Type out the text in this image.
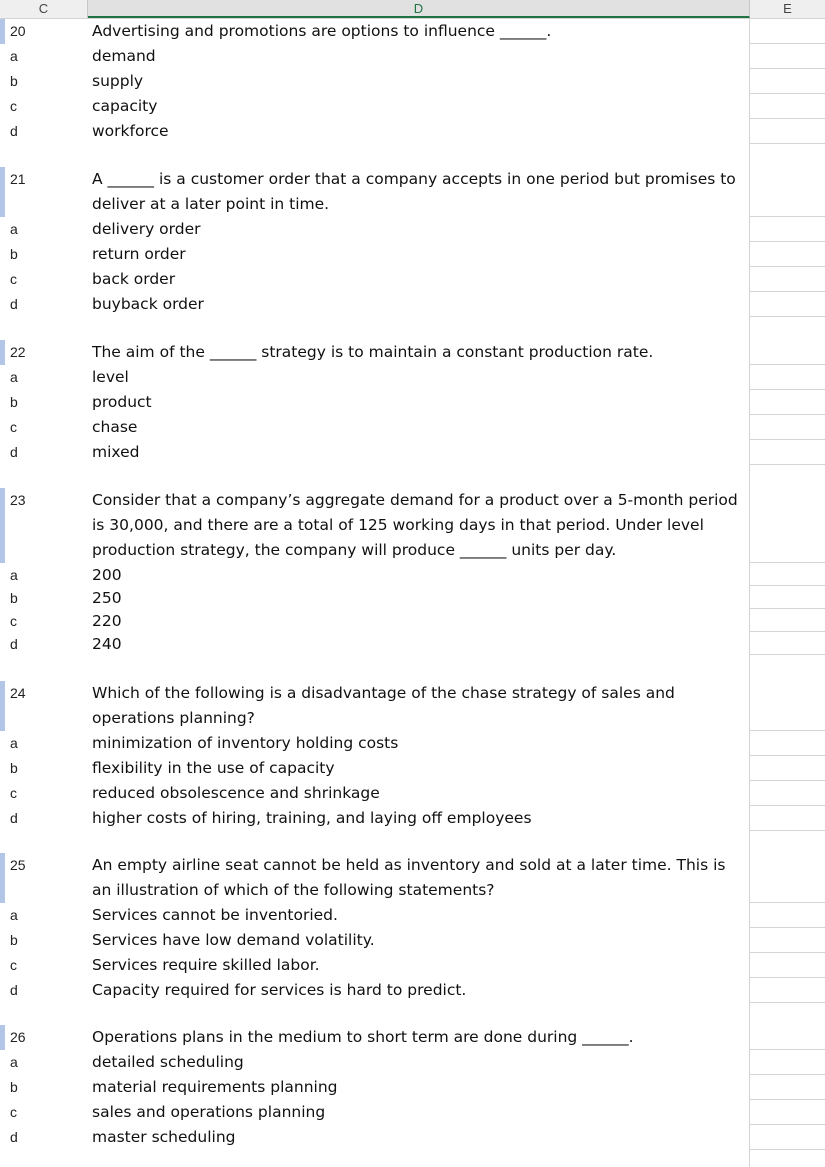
C	D	E
20	Advertising and promotions are options to influence ______.
a	demand
b	supply
c	capacity
d	workforce
21	A ______ is a customer order that a company accepts in one period but promises to deliver at a later point in time.
a	delivery order
b	return order
c	back order
d	buyback order
22	The aim of the ______ strategy is to maintain a constant production rate.
a	level
b	product
c	chase
d	mixed
23	Consider that a company’s aggregate demand for a product over a 5-month period is 30,000, and there are a total of 125 working days in that period. Under level production strategy, the company will produce ______ units per day.
a	200
b	250
c	220
d	240
24	Which of the following is a disadvantage of the chase strategy of sales and operations planning?
a	minimization of inventory holding costs
b	flexibility in the use of capacity
c	reduced obsolescence and shrinkage
d	higher costs of hiring, training, and laying off employees
25	An empty airline seat cannot be held as inventory and sold at a later time. This is an illustration of which of the following statements?
a	Services cannot be inventoried.
b	Services have low demand volatility.
c	Services require skilled labor.
d	Capacity required for services is hard to predict.
26	Operations plans in the medium to short term are done during ______.
a	detailed scheduling
b	material requirements planning
c	sales and operations planning
d	master scheduling
